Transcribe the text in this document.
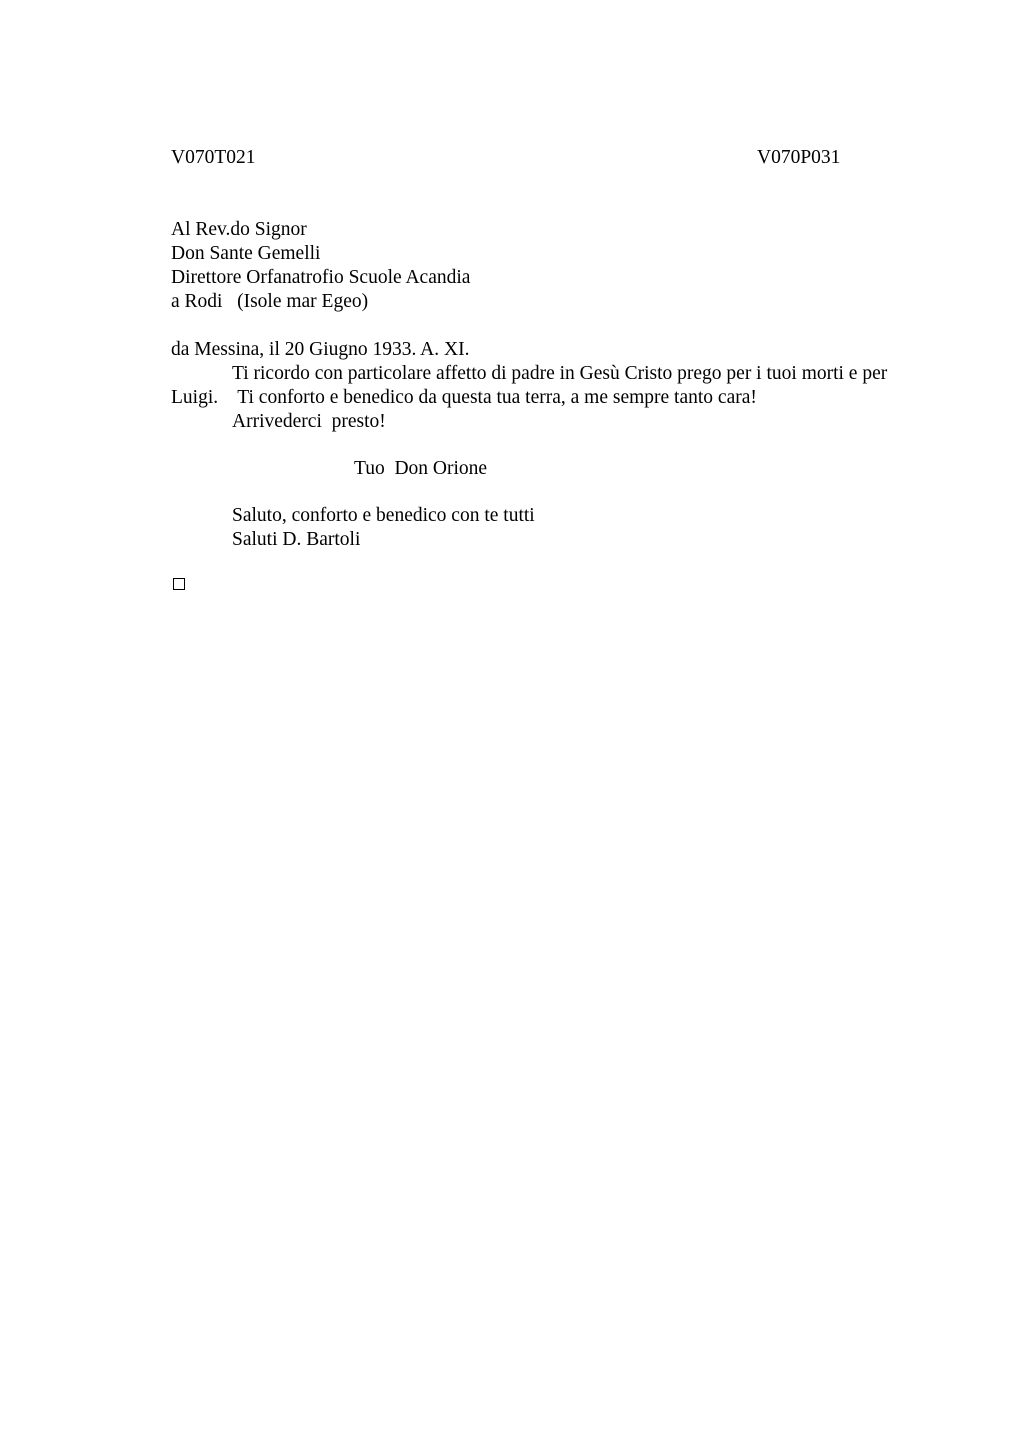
V070T021	V070P031
Al Rev.do Signor
Don Sante Gemelli
Direttore Orfanatrofio Scuole Acandia
a Rodi   (Isole mar Egeo)
da Messina, il 20 Giugno 1933. A. XI.
Ti ricordo con particolare affetto di padre in Gesù Cristo prego per i tuoi morti e per
Luigi.    Ti conforto e benedico da questa tua terra, a me sempre tanto cara!
Arrivederci  presto!
Tuo  Don Orione
Saluto, conforto e benedico con te tutti
Saluti D. Bartoli
